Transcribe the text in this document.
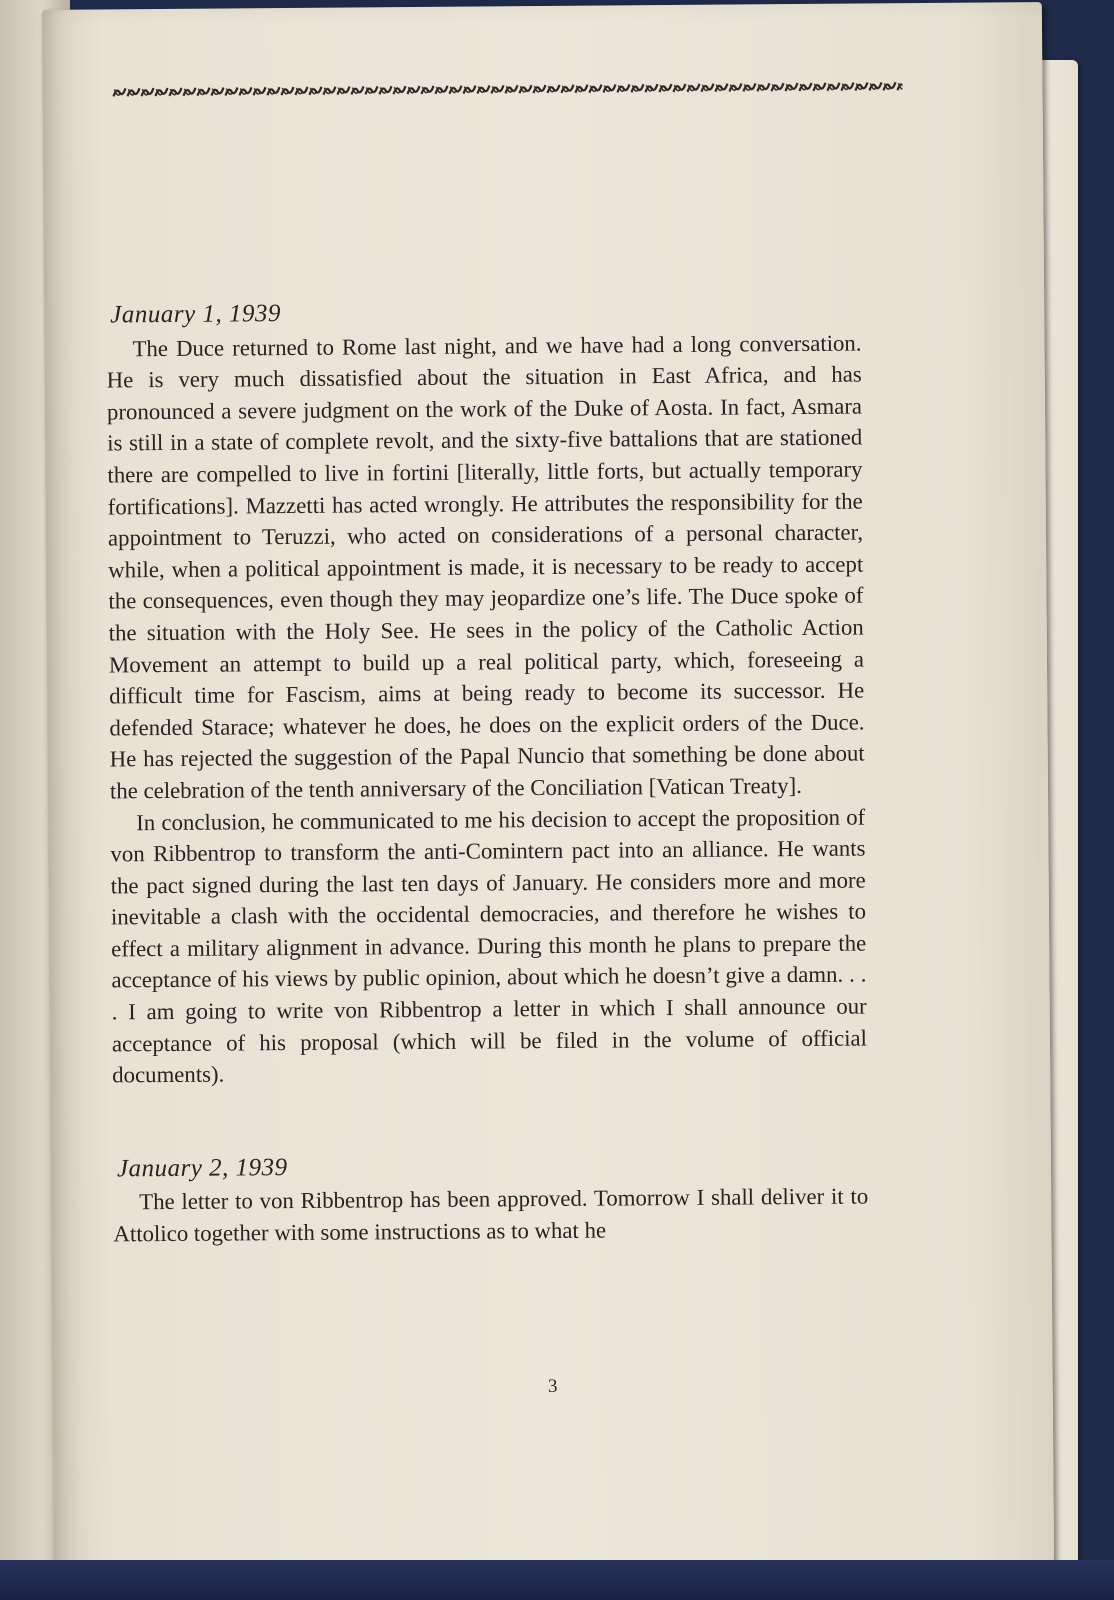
January 1, 1939

The Duce returned to Rome last night, and we have had a long conversation. He is very much dissatisfied about the situation in East Africa, and has pronounced a severe judgment on the work of the Duke of Aosta. In fact, Asmara is still in a state of complete revolt, and the sixty-five battalions that are stationed there are compelled to live in fortini [literally, little forts, but actually temporary fortifications]. Mazzetti has acted wrongly. He attributes the responsibility for the appointment to Teruzzi, who acted on considerations of a personal character, while, when a political appointment is made, it is necessary to be ready to accept the consequences, even though they may jeopardize one’s life. The Duce spoke of the situation with the Holy See. He sees in the policy of the Catholic Action Movement an attempt to build up a real political party, which, foreseeing a difficult time for Fascism, aims at being ready to become its successor. He defended Starace; whatever he does, he does on the explicit orders of the Duce. He has rejected the suggestion of the Papal Nuncio that something be done about the celebration of the tenth anniversary of the Conciliation [Vatican Treaty].

In conclusion, he communicated to me his decision to accept the proposition of von Ribbentrop to transform the anti-Comintern pact into an alliance. He wants the pact signed during the last ten days of January. He considers more and more inevitable a clash with the occidental democracies, and therefore he wishes to effect a military alignment in advance. During this month he plans to prepare the acceptance of his views by public opinion, about which he doesn’t give a damn. . . . I am going to write von Ribbentrop a letter in which I shall announce our acceptance of his proposal (which will be filed in the volume of official documents).

January 2, 1939

The letter to von Ribbentrop has been approved. Tomorrow I shall deliver it to Attolico together with some instructions as to what he

3
